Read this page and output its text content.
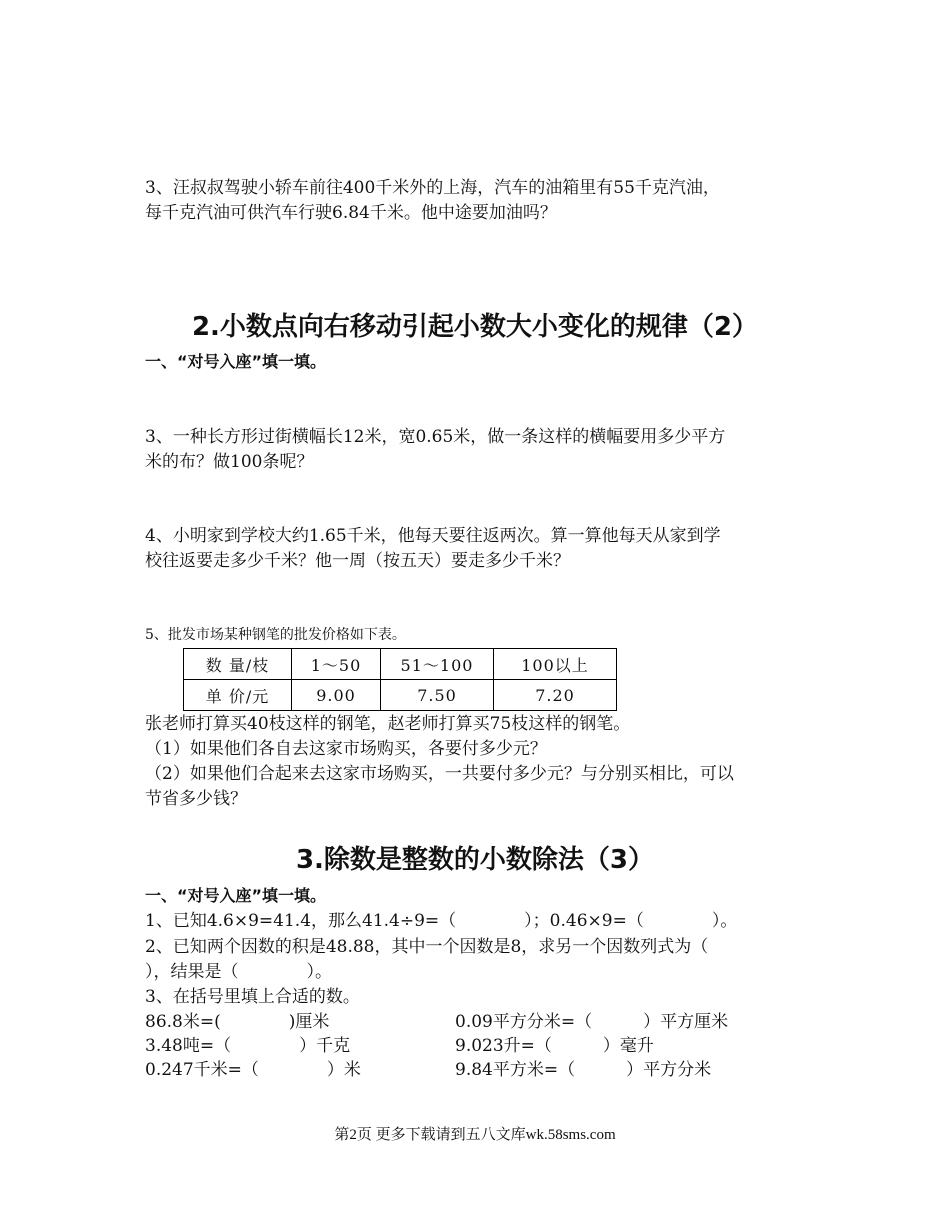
3、汪叔叔驾驶小轿车前往400千米外的上海，汽车的油箱里有55千克汽油，
每千克汽油可供汽车行驶6.84千米。他中途要加油吗？
2.小数点向右移动引起小数大小变化的规律（2）
一、“对号入座”填一填。
3、一种长方形过街横幅长12米，宽0.65米，做一条这样的横幅要用多少平方
米的布？做100条呢？
4、小明家到学校大约1.65千米，他每天要往返两次。算一算他每天从家到学
校往返要走多少千米？他一周（按五天）要走多少千米？
5、批发市场某种钢笔的批发价格如下表。
数 量/枝	1～50	51～100	100以上
单 价/元	9.00	7.50	7.20
张老师打算买40枝这样的钢笔，赵老师打算买75枝这样的钢笔。
（1）如果他们各自去这家市场购买，各要付多少元？
（2）如果他们合起来去这家市场购买，一共要付多少元？与分别买相比，可以
节省多少钱？
3.除数是整数的小数除法（3）
一、“对号入座”填一填。
1、已知4.6×9=41.4，那么41.4÷9=（　　　　）；0.46×9=（　　　　）。
2、已知两个因数的积是48.88，其中一个因数是8，求另一个因数列式为（
），结果是（　　　　）。
3、在括号里填上合适的数。
86.8米=(　　　　)厘米	0.09平方分米=（　　　）平方厘米
3.48吨=（　　　　）千克	9.023升=（　　　）毫升
0.247千米=（　　　　）米	9.84平方米=（　　　）平方分米
第2页 更多下载请到五八文库wk.58sms.com
